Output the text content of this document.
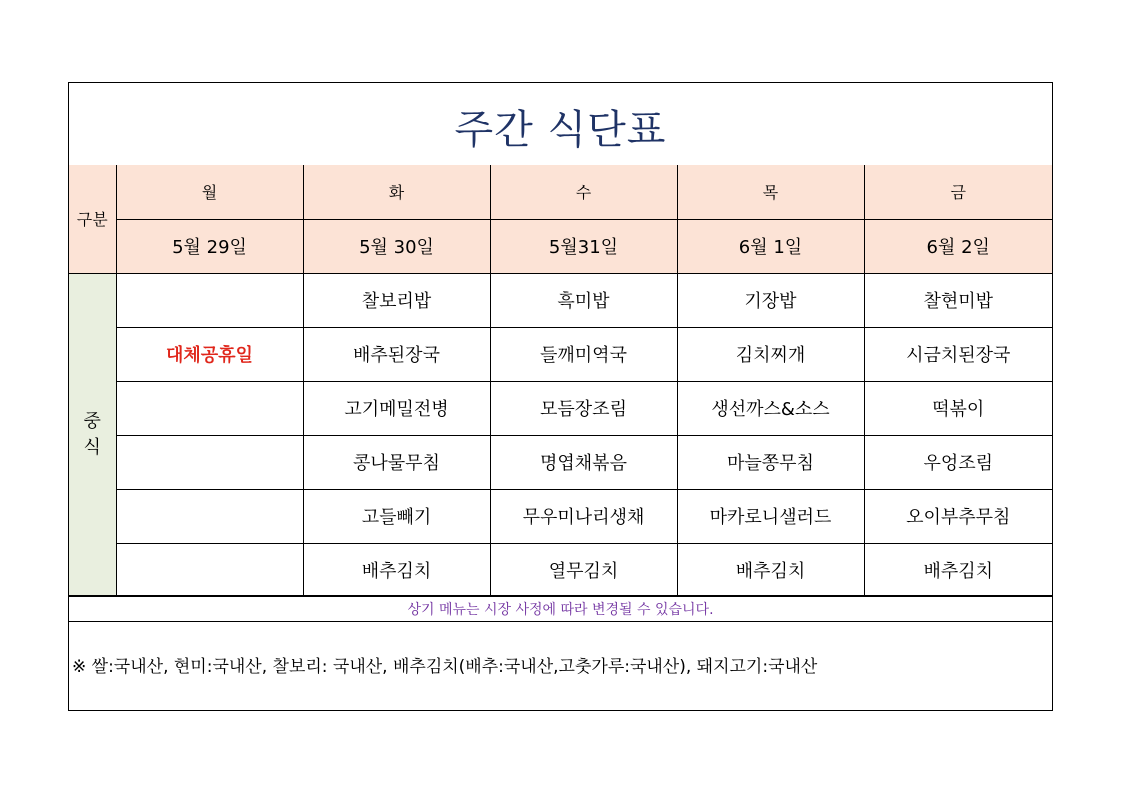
주간 식단표
구분	월	화	수	목	금
	5월 29일	5월 30일	5월31일	6월 1일	6월 2일

중
식		찰보리밥	흑미밥	기장밥	찰현미밥
	대체공휴일	배추된장국	들깨미역국	김치찌개	시금치된장국
		고기메밀전병	모듬장조림	생선까스&소스	떡볶이
		콩나물무침	명엽채볶음	마늘쫑무침	우엉조림
		고들빼기	무우미나리생채	마카로니샐러드	오이부추무침
		배추김치	열무김치	배추김치	배추김치
상기 메뉴는 시장 사정에 따라 변경될 수 있습니다.
※ 쌀:국내산, 현미:국내산, 찰보리: 국내산, 배추김치(배추:국내산,고춧가루:국내산), 돼지고기:국내산
